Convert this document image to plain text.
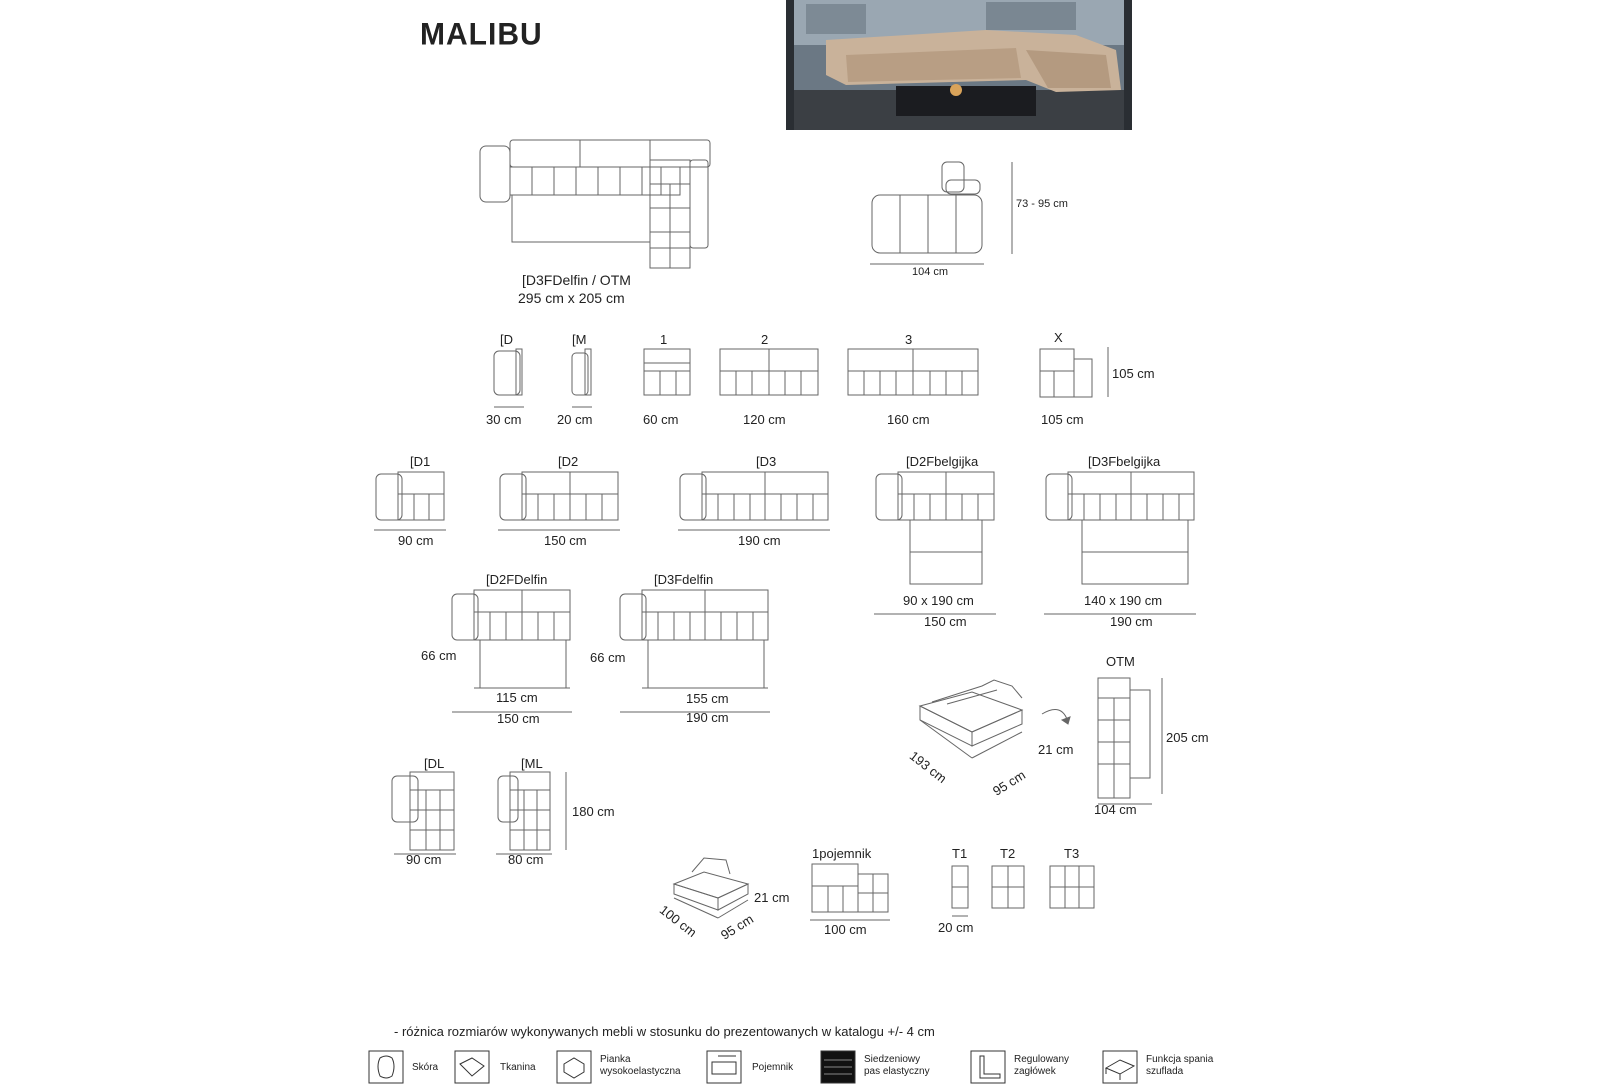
MALIBU
[D3FDelfin / OTM
295 cm x 205 cm
73 - 95 cm
104 cm
[D	[M	1	2	3	X
30 cm	20 cm	60 cm	120 cm	160 cm	105 cm
105 cm
[D1	[D2	[D3	[D2Fbelgijka	[D3Fbelgijka
90 cm	150 cm	190 cm
90 x 190 cm
150 cm
140 x 190 cm
190 cm
[D2FDelfin	[D3Fdelfin
66 cm
115 cm
150 cm
66 cm
155 cm
190 cm
OTM
193 cm	95 cm
21 cm
205 cm
104 cm
[DL	[ML
180 cm
90 cm	80 cm
100 cm 95 cm
21 cm
1pojemnik
100 cm
T1	T2	T3
20 cm
- różnica rozmiarów wykonywanych mebli w stosunku do prezentowanych w katalogu +/- 4 cm
Skóra	Tkanina
Pianka
wysokoelastyczna	Pojemnik
Siedzeniowy
pas elastyczny
Regulowany
zagłówek
Funkcja spania
szuflada
